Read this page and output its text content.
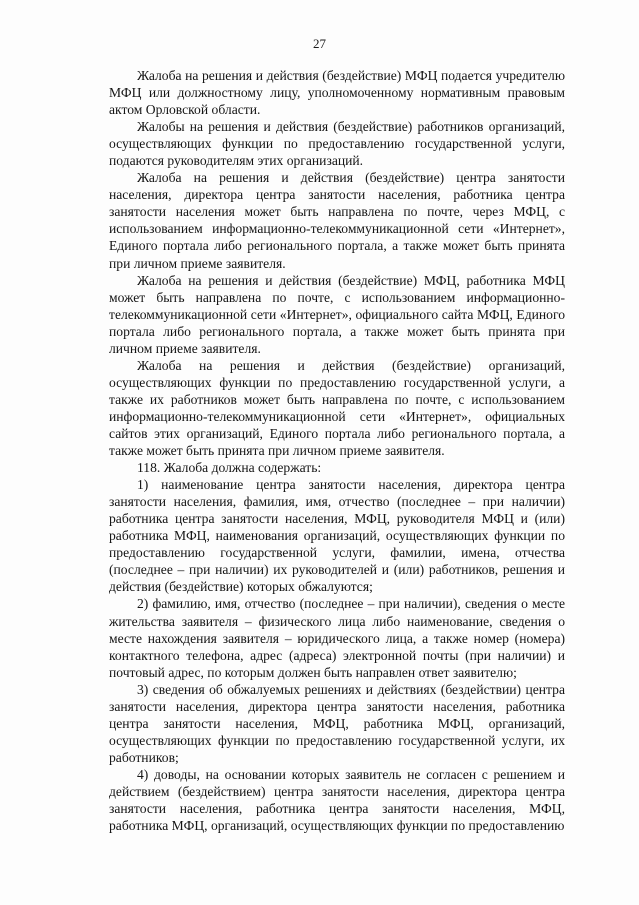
27

Жалоба на решения и действия (бездействие) МФЦ подается учредителю МФЦ или должностному лицу, уполномоченному нормативным правовым актом Орловской области.

Жалобы на решения и действия (бездействие) работников организаций, осуществляющих функции по предоставлению государственной услуги, подаются руководителям этих организаций.

Жалоба на решения и действия (бездействие) центра занятости населения, директора центра занятости населения, работника центра занятости населения может быть направлена по почте, через МФЦ, с использованием информационно-телекоммуникационной сети «Интернет», Единого портала либо регионального портала, а также может быть принята при личном приеме заявителя.

Жалоба на решения и действия (бездействие) МФЦ, работника МФЦ может быть направлена по почте, с использованием информационно-телекоммуникационной сети «Интернет», официального сайта МФЦ, Единого портала либо регионального портала, а также может быть принята при личном приеме заявителя.

Жалоба на решения и действия (бездействие) организаций, осуществляющих функции по предоставлению государственной услуги, а также их работников может быть направлена по почте, с использованием информационно-телекоммуникационной сети «Интернет», официальных сайтов этих организаций, Единого портала либо регионального портала, а также может быть принята при личном приеме заявителя.

118. Жалоба должна содержать:

1) наименование центра занятости населения, директора центра занятости населения, фамилия, имя, отчество (последнее – при наличии) работника центра занятости населения, МФЦ, руководителя МФЦ и (или) работника МФЦ, наименования организаций, осуществляющих функции по предоставлению государственной услуги, фамилии, имена, отчества (последнее – при наличии) их руководителей и (или) работников, решения и действия (бездействие) которых обжалуются;

2) фамилию, имя, отчество (последнее – при наличии), сведения о месте жительства заявителя – физического лица либо наименование, сведения о месте нахождения заявителя – юридического лица, а также номер (номера) контактного телефона, адрес (адреса) электронной почты (при наличии) и почтовый адрес, по которым должен быть направлен ответ заявителю;

3) сведения об обжалуемых решениях и действиях (бездействии) центра занятости населения, директора центра занятости населения, работника центра занятости населения, МФЦ, работника МФЦ, организаций, осуществляющих функции по предоставлению государственной услуги, их работников;

4) доводы, на основании которых заявитель не согласен с решением и действием (бездействием) центра занятости населения, директора центра занятости населения, работника центра занятости населения, МФЦ, работника МФЦ, организаций, осуществляющих функции по предоставлению
